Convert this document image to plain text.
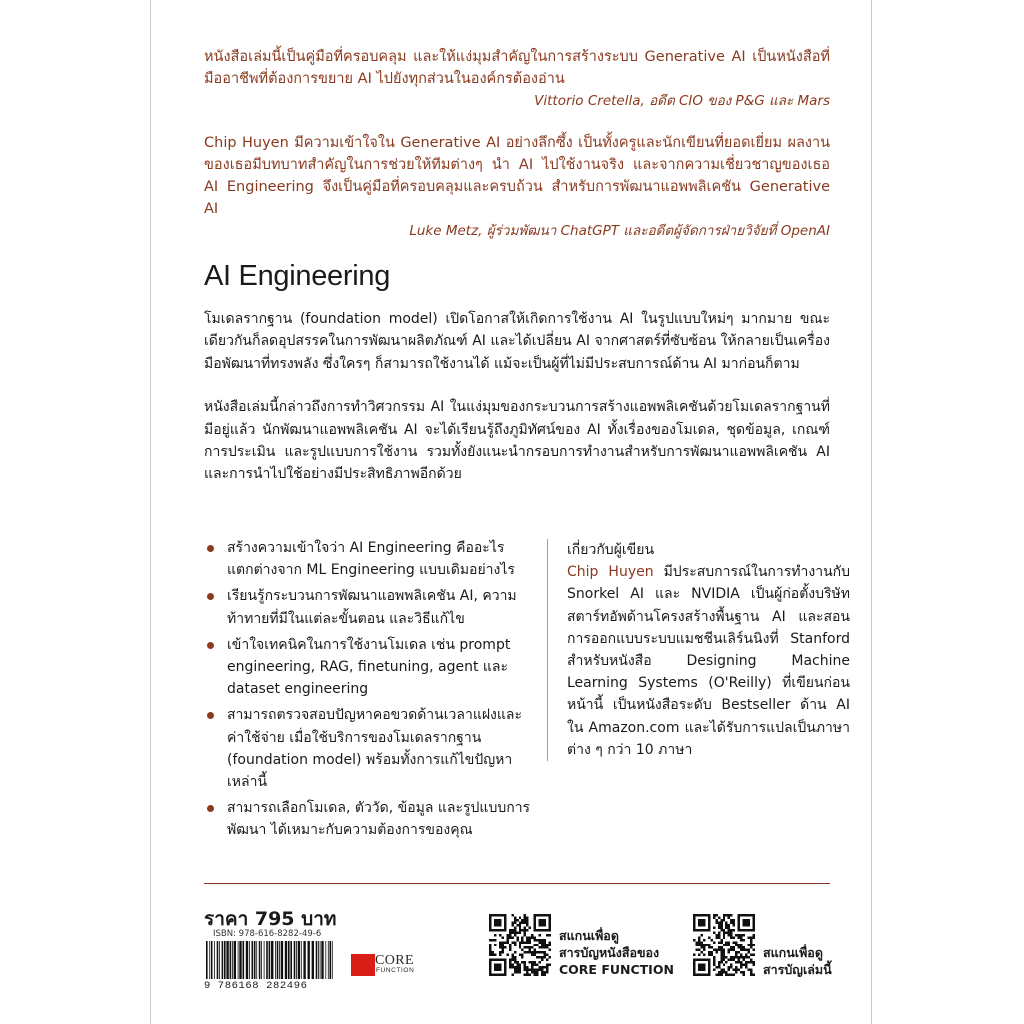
หนังสือเล่มนี้เป็นคู่มือที่ครอบคลุม และให้แง่มุมสำคัญในการสร้างระบบ Generative AI เป็นหนังสือที่มืออาชีพที่ต้องการขยาย AI ไปยังทุกส่วนในองค์กรต้องอ่าน

Vittorio Cretella, อดีต CIO ของ P&G และ Mars

Chip Huyen มีความเข้าใจใน Generative AI อย่างลึกซึ้ง เป็นทั้งครูและนักเขียนที่ยอดเยี่ยม ผลงานของเธอมีบทบาทสำคัญในการช่วยให้ทีมต่างๆ นำ AI ไปใช้งานจริง และจากความเชี่ยวชาญของเธอ AI Engineering จึงเป็นคู่มือที่ครอบคลุมและครบถ้วน สำหรับการพัฒนาแอพพลิเคชัน Generative AI

Luke Metz, ผู้ร่วมพัฒนา ChatGPT และอดีตผู้จัดการฝ่ายวิจัยที่ OpenAI

AI Engineering

โมเดลรากฐาน (foundation model) เปิดโอกาสให้เกิดการใช้งาน AI ในรูปแบบใหม่ๆ มากมาย ขณะเดียวกันก็ลดอุปสรรคในการพัฒนาผลิตภัณฑ์ AI และได้เปลี่ยน AI จากศาสตร์ที่ซับซ้อน ให้กลายเป็นเครื่องมือพัฒนาที่ทรงพลัง ซึ่งใครๆ ก็สามารถใช้งานได้ แม้จะเป็นผู้ที่ไม่มีประสบการณ์ด้าน AI มาก่อนก็ตาม

หนังสือเล่มนี้กล่าวถึงการทำวิศวกรรม AI ในแง่มุมของกระบวนการสร้างแอพพลิเคชันด้วยโมเดลรากฐานที่มีอยู่แล้ว นักพัฒนาแอพพลิเคชัน AI จะได้เรียนรู้ถึงภูมิทัศน์ของ AI ทั้งเรื่องของโมเดล, ชุดข้อมูล, เกณฑ์การประเมิน และรูปแบบการใช้งาน รวมทั้งยังแนะนำกรอบการทำงานสำหรับการพัฒนาแอพพลิเคชัน AI และการนำไปใช้อย่างมีประสิทธิภาพอีกด้วย

สร้างความเข้าใจว่า AI Engineering คืออะไร แตกต่างจาก ML Engineering แบบเดิมอย่างไร
เรียนรู้กระบวนการพัฒนาแอพพลิเคชัน AI, ความท้าทายที่มีในแต่ละขั้นตอน และวิธีแก้ไข
เข้าใจเทคนิคในการใช้งานโมเดล เช่น prompt engineering, RAG, finetuning, agent และ dataset engineering
สามารถตรวจสอบปัญหาคอขวดด้านเวลาแฝงและค่าใช้จ่าย เมื่อใช้บริการของโมเดลรากฐาน (foundation model) พร้อมทั้งการแก้ไขปัญหาเหล่านี้
สามารถเลือกโมเดล, ตัววัด, ข้อมูล และรูปแบบการพัฒนา ได้เหมาะกับความต้องการของคุณ
เกี่ยวกับผู้เขียน

Chip Huyen มีประสบการณ์ในการทำงานกับ Snorkel AI และ NVIDIA เป็นผู้ก่อตั้งบริษัทสตาร์ทอัพด้านโครงสร้างพื้นฐาน AI และสอนการออกแบบระบบแมชชีนเลิร์นนิงที่ Stanford สำหรับหนังสือ Designing Machine Learning Systems (O'Reilly) ที่เขียนก่อนหน้านี้ เป็นหนังสือระดับ Bestseller ด้าน AI ใน Amazon.com และได้รับการแปลเป็นภาษาต่าง ๆ กว่า 10 ภาษา

ราคา 795 บาท

ISBN: 978-616-8282-49-6
9 786168 282496
CORE
FUNCTION
สแกนเพื่อดู
สารบัญหนังสือของ
CORE FUNCTION
สแกนเพื่อดู
สารบัญเล่มนี้
